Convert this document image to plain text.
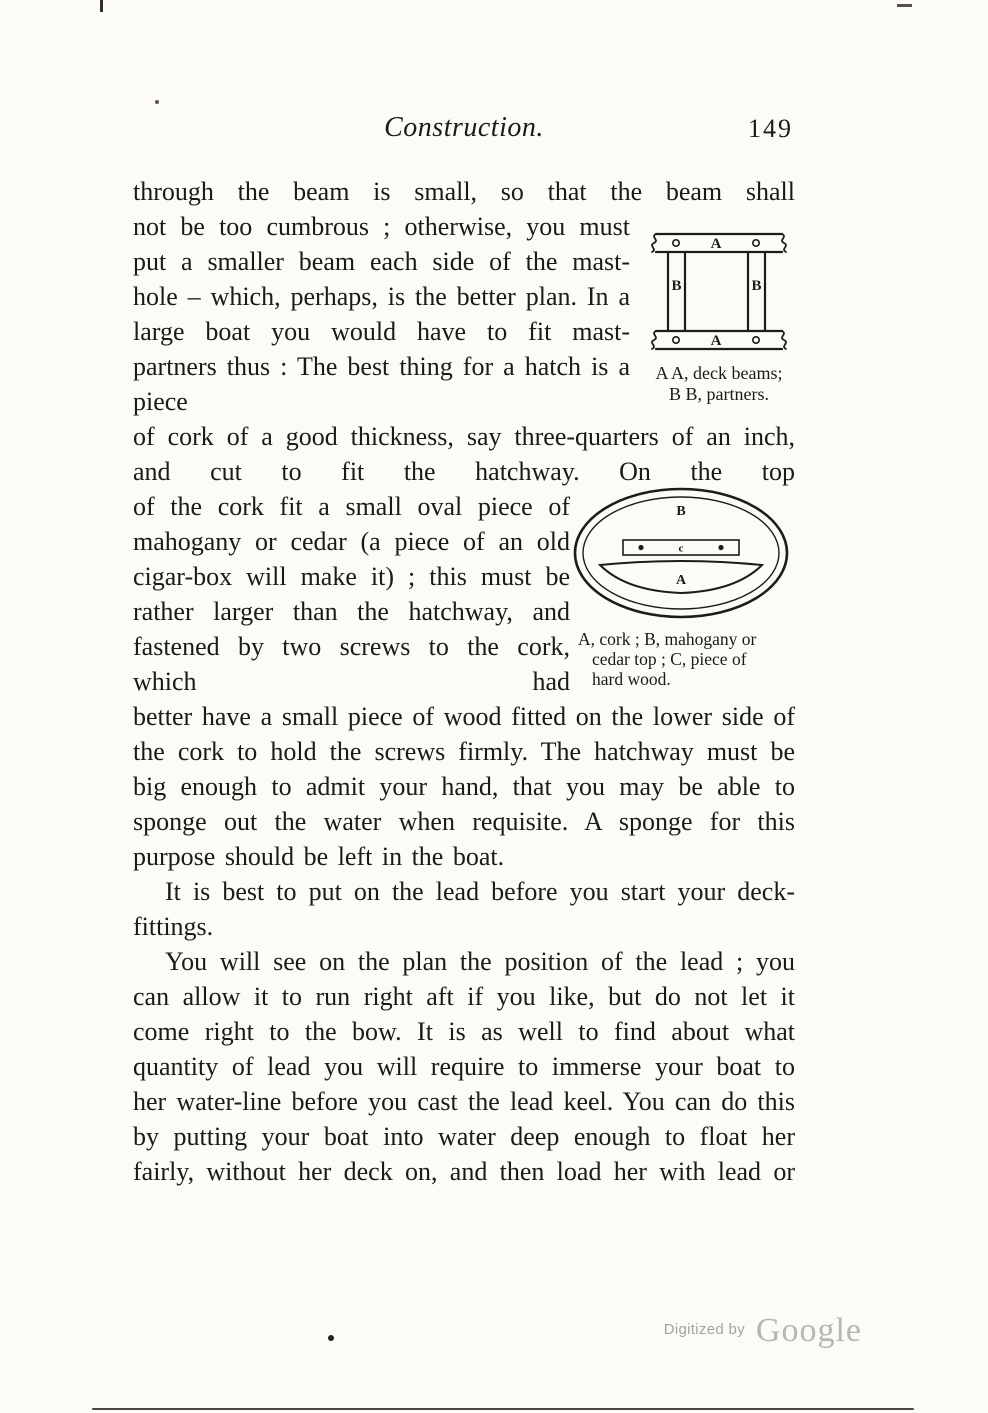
Construction.	149
through the beam is small, so that the beam shall
not be too cumbrous ; otherwise, you must put a smaller beam each side of the mast-hole – which, perhaps, is the better plan. In a large boat you would have to fit mast-partners thus : The best thing for a hatch is a piece
of cork of a good thickness, say three-quarters of an inch, and cut to fit the hatchway. On the top
of the cork fit a small oval piece of mahogany or cedar (a piece of an old cigar-box will make it) ; this must be rather larger than the hatchway, and fastened by two screws to the cork, which had
better have a small piece of wood fitted on the lower side of the cork to hold the screws firmly. The hatchway must be big enough to admit your hand, that you may be able to sponge out the water when requisite. A sponge for this purpose should be left in the boat.
It is best to put on the lead before you start your deck-fittings.
You will see on the plan the position of the lead ; you can allow it to run right aft if you like, but do not let it come right to the bow. It is as well to find about what quantity of lead you will require to immerse your boat to her water-line before you cast the lead keel. You can do this by putting your boat into water deep enough to float her fairly, without her deck on, and then load her with lead or
A
A
B	B
A A, deck beams;
B B, partners.
B
c
A
A, cork ; B, mahogany or
cedar top ; C, piece of
hard wood.
Digitized by Google
